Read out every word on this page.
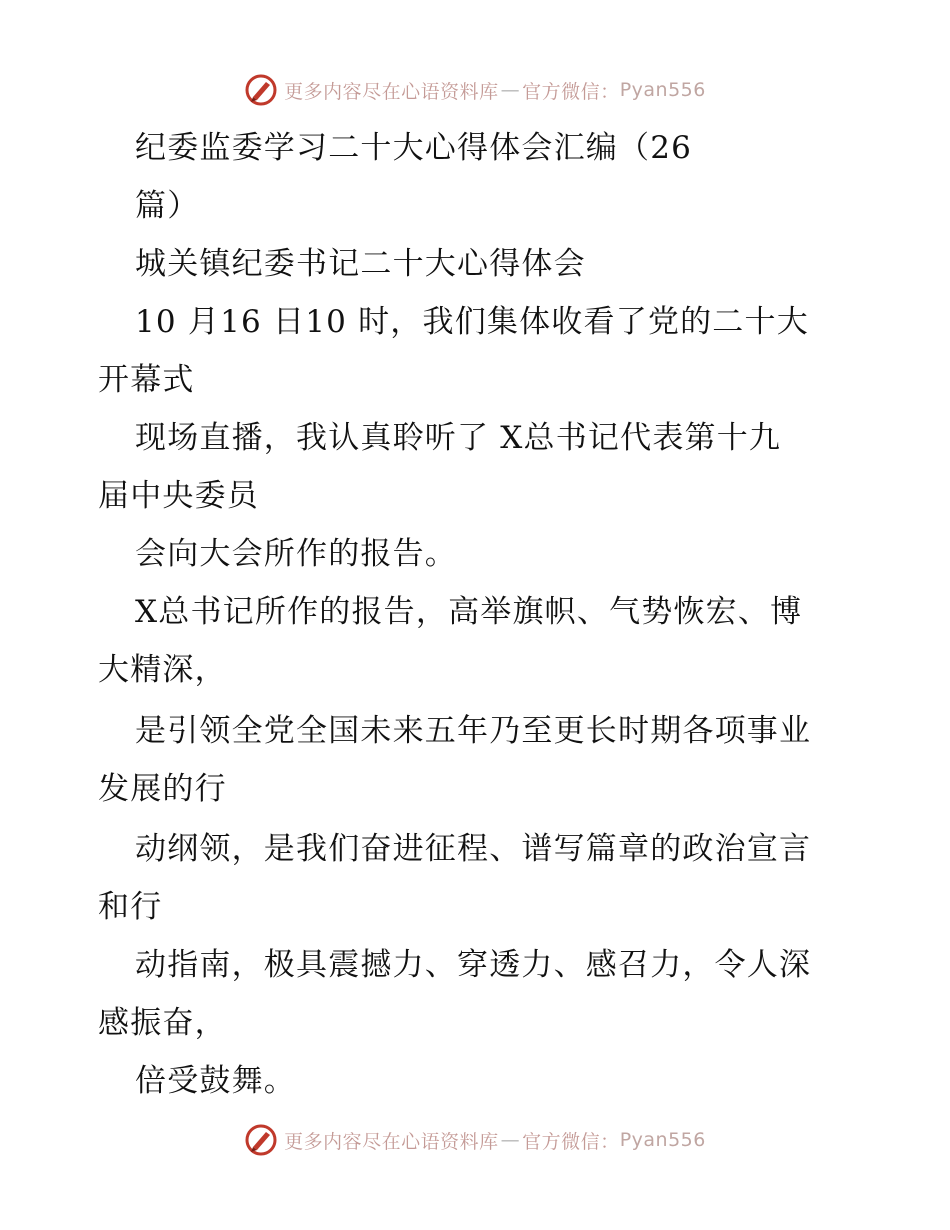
更多内容尽在心语资料库 — 官方微信： Pyan556
纪委监委学习二十大心得体会汇编（26
篇）
城关镇纪委书记二十大心得体会
10 月16 日10 时，我们集体收看了党的二十大
开幕式
现场直播，我认真聆听了 X总书记代表第十九
届中央委员
会向大会所作的报告。
X总书记所作的报告，高举旗帜、气势恢宏、博
大精深，
是引领全党全国未来五年乃至更长时期各项事业
发展的行
动纲领，是我们奋进征程、谱写篇章的政治宣言
和行
动指南，极具震撼力、穿透力、感召力，令人深
感振奋，
倍受鼓舞。
更多内容尽在心语资料库 — 官方微信： Pyan556
